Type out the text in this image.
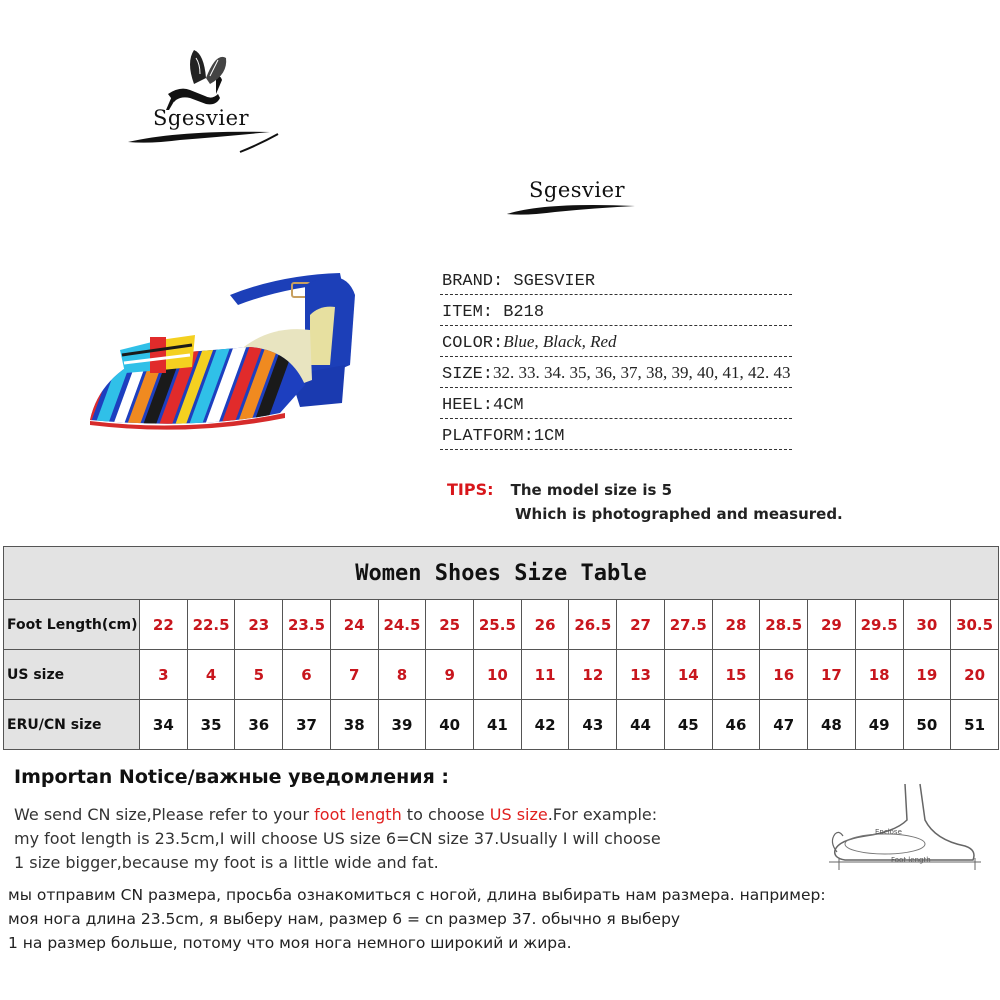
Sgesvier
Sgesvier
BRAND: SGESVIER
ITEM: B218
COLOR:Blue, Black, Red
SIZE:32. 33. 34. 35, 36, 37, 38, 39, 40, 41, 42. 43
HEEL:4CM
PLATFORM:1CM
TIPS: The model size is 5
Which is photographed and measured.
Women Shoes Size Table
Foot Length(cm)	22	22.5	23	23.5	24	24.5	25	25.5	26	26.5	27	27.5	28	28.5	29	29.5	30	30.5
US size	3	4	5	6	7	8	9	10	11	12	13	14	15	16	17	18	19	20
ERU/CN size	34	35	36	37	38	39	40	41	42	43	44	45	46	47	48	49	50	51
Importan Notice/важные уведомления :
We send CN size,Please refer to your foot length to choose US size.For example:
my foot length is 23.5cm,I will choose US size 6=CN size 37.Usually I will choose
1 size bigger,because my foot is a little wide and fat.
мы отправим CN размера, просьба ознакомиться с ногой, длина выбирать нам размера. например:
моя нога длина 23.5cm, я выберу нам, размер 6 = cn размер 37. обычно я выберу
1 на размер больше, потому что моя нога немного широкий и жира.
Enclose
Foot length
